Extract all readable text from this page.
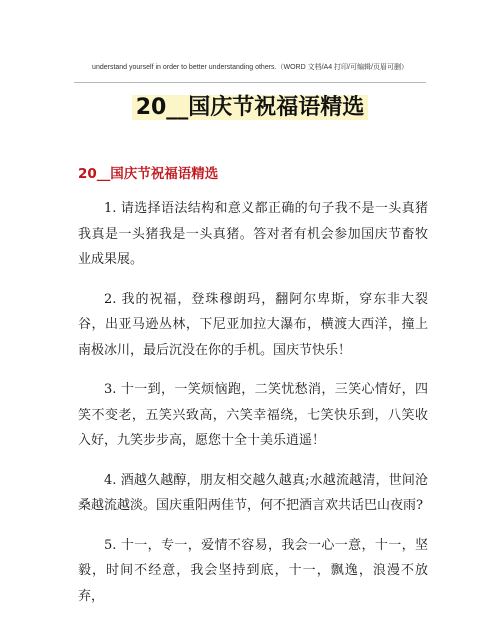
understand yourself in order to better understanding others.（WORD 文档/A4 打印/可编辑/页眉可删）
20__国庆节祝福语精选
20__国庆节祝福语精选

1. 请选择语法结构和意义都正确的句子我不是一头真猪我真是一头猪我是一头真猪。答对者有机会参加国庆节畜牧业成果展。

2. 我的祝福，登珠穆朗玛，翻阿尔卑斯，穿东非大裂谷，出亚马逊丛林，下尼亚加拉大瀑布，横渡大西洋，撞上南极冰川，最后沉没在你的手机。国庆节快乐！

3. 十一到，一笑烦恼跑，二笑忧愁消，三笑心情好，四笑不变老，五笑兴致高，六笑幸福绕，七笑快乐到，八笑收入好，九笑步步高，愿您十全十美乐逍遥！

4. 酒越久越醇，朋友相交越久越真;水越流越清，世间沧桑越流越淡。国庆重阳两佳节，何不把酒言欢共话巴山夜雨?

5. 十一，专一，爱情不容易，我会一心一意，十一，坚毅，时间不经意，我会坚持到底，十一，飘逸，浪漫不放弃，
